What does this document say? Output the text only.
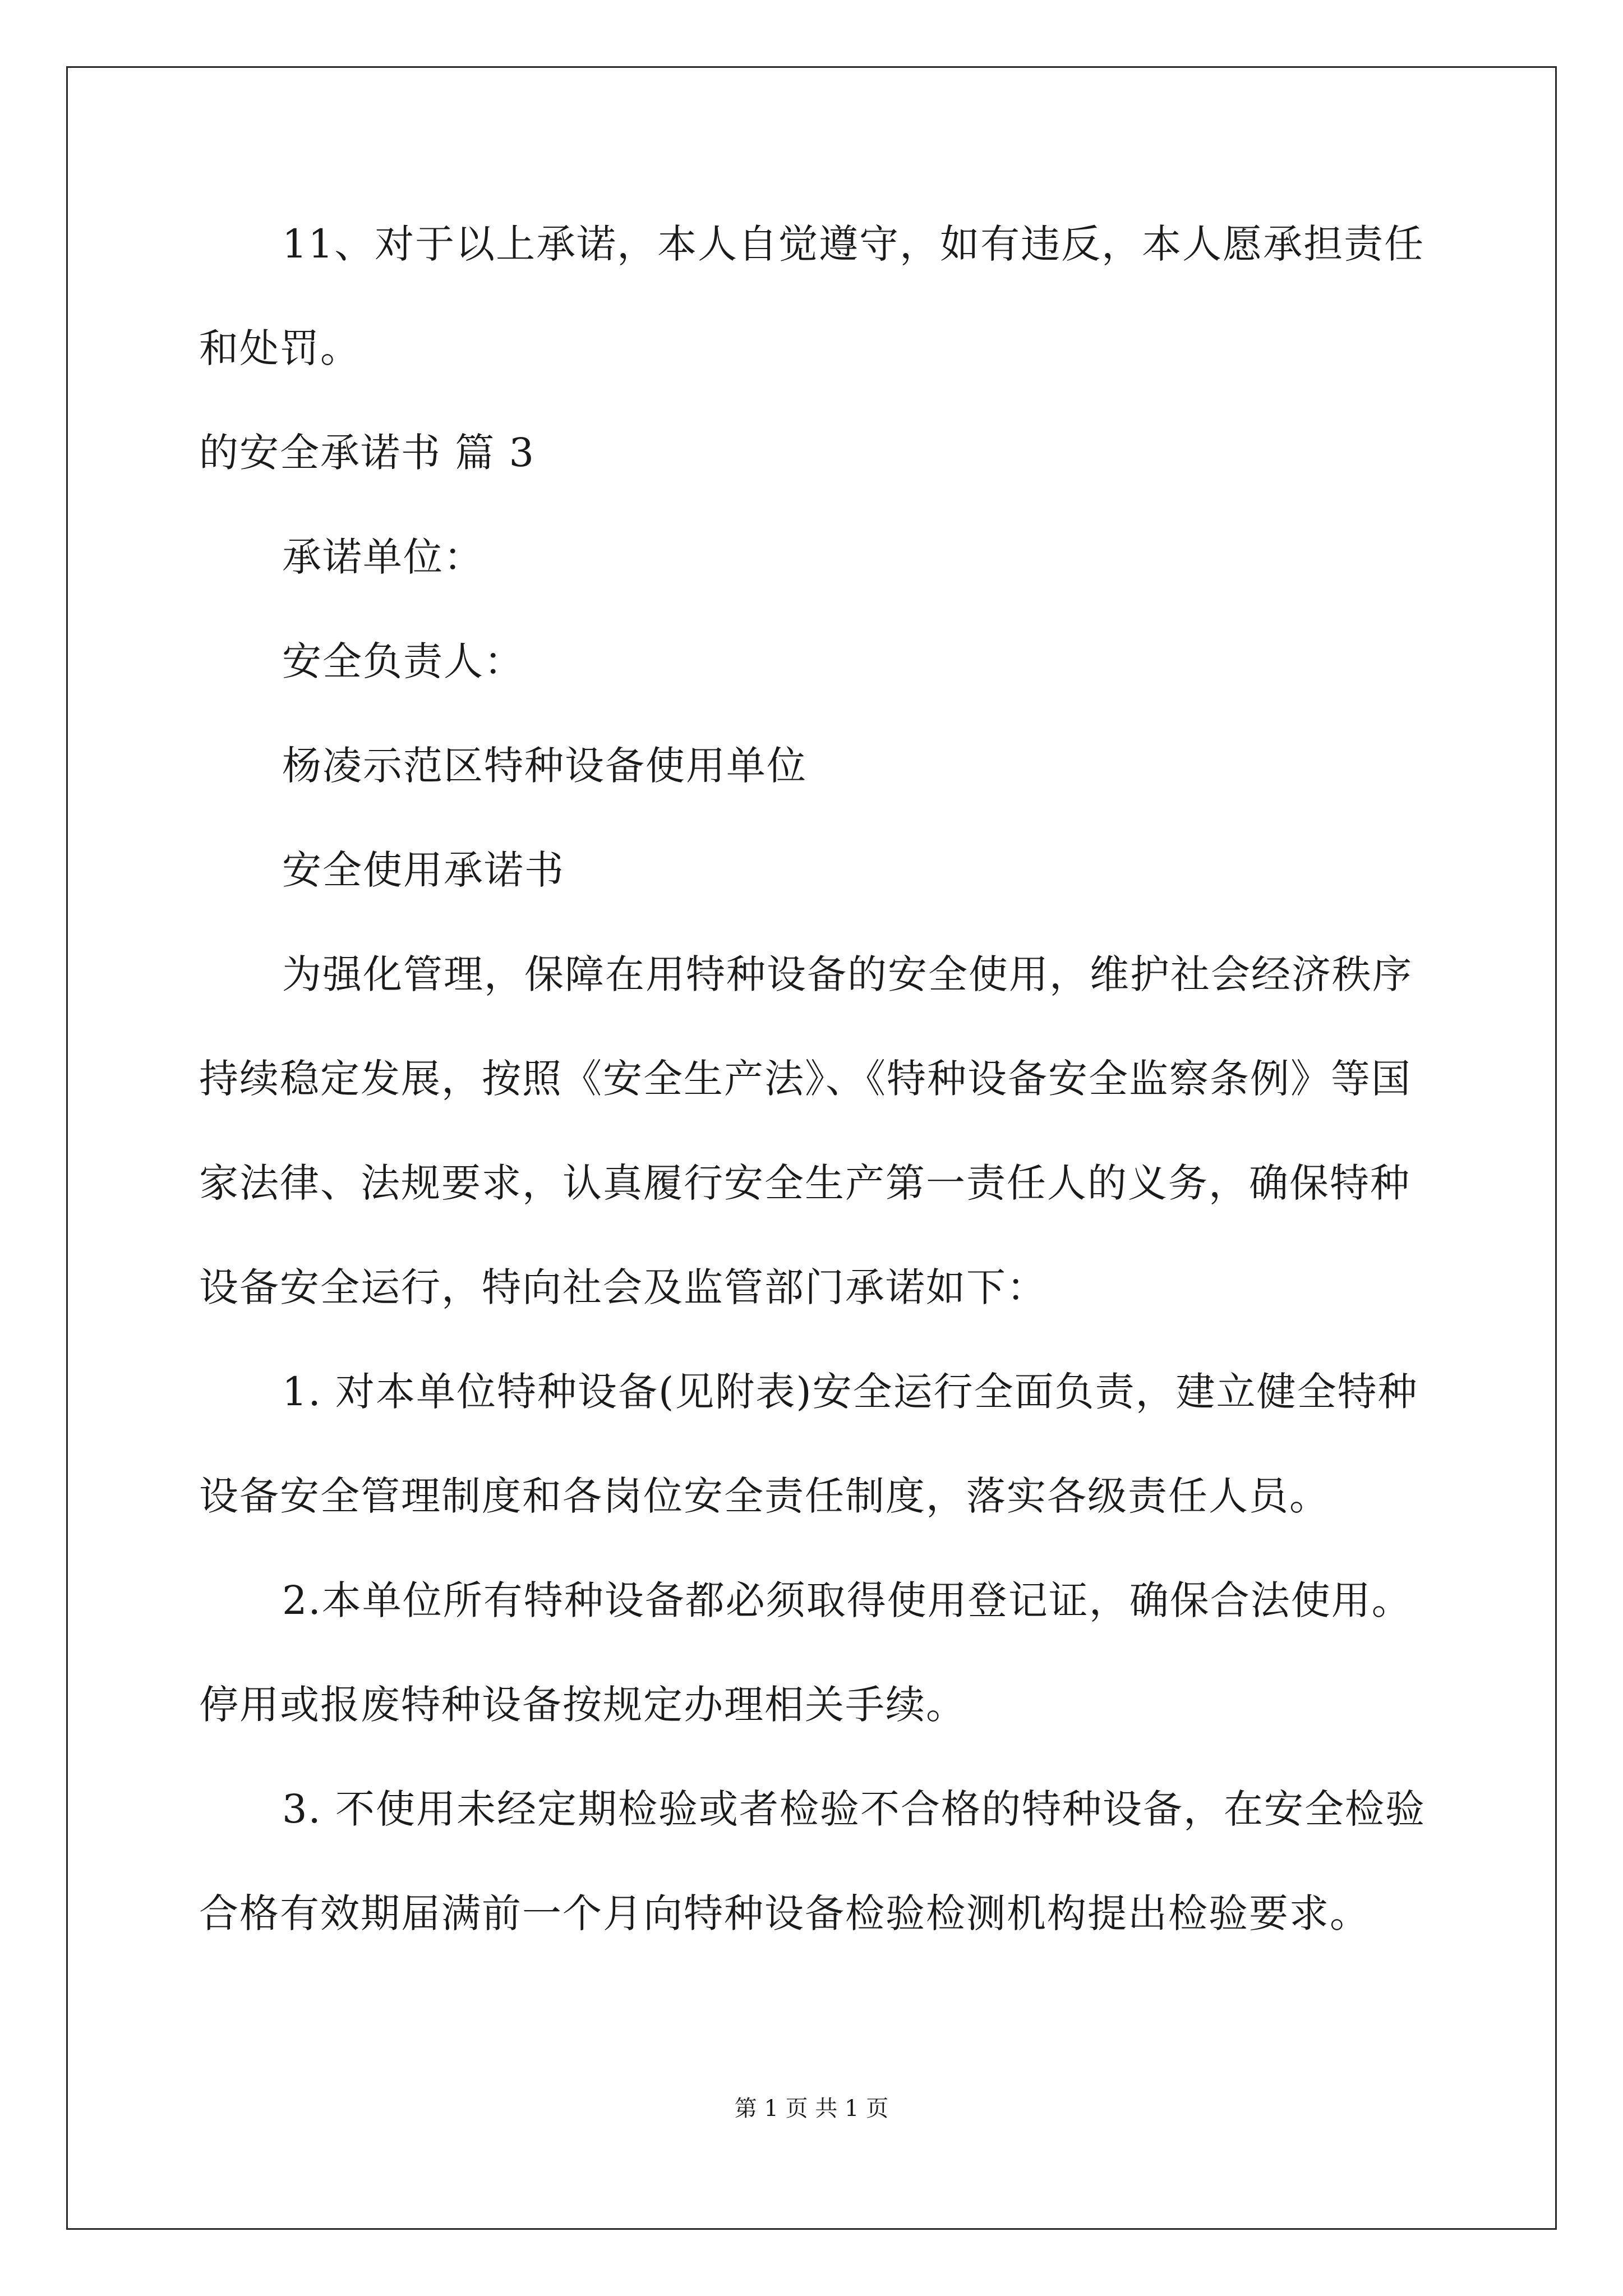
11、对于以上承诺，本人自觉遵守，如有违反，本人愿承担责任
和处罚。
的安全承诺书 篇 3
承诺单位：
安全负责人：
杨凌示范区特种设备使用单位
安全使用承诺书
为强化管理，保障在用特种设备的安全使用，维护社会经济秩序
持续稳定发展，按照《安全生产法》、《特种设备安全监察条例》等国
家法律、法规要求，认真履行安全生产第一责任人的义务，确保特种
设备安全运行，特向社会及监管部门承诺如下：
1. 对本单位特种设备(见附表)安全运行全面负责，建立健全特种
设备安全管理制度和各岗位安全责任制度，落实各级责任人员。
2.本单位所有特种设备都必须取得使用登记证，确保合法使用。
停用或报废特种设备按规定办理相关手续。
3. 不使用未经定期检验或者检验不合格的特种设备，在安全检验
合格有效期届满前一个月向特种设备检验检测机构提出检验要求。
第 1 页 共 1 页
